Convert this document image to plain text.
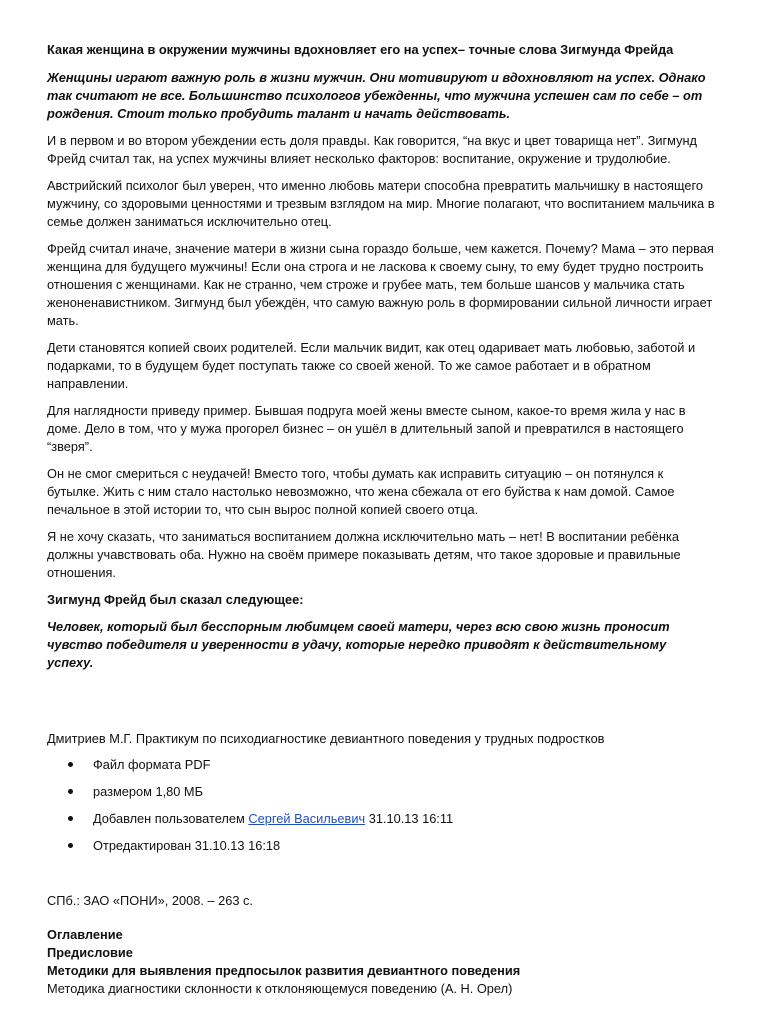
Какая женщина в окружении мужчины вдохновляет его на успех– точные слова Зигмунда Фрейда
Женщины играют важную роль в жизни мужчин. Они мотивируют и вдохновляют на успех. Однако так считают не все. Большинство психологов убежденны, что мужчина успешен сам по себе – от рождения. Стоит только пробудить талант и начать действовать.
И в первом и во втором убеждении есть доля правды. Как говорится, “на вкус и цвет товарища нет”. Зигмунд Фрейд считал так, на успех мужчины влияет несколько факторов: воспитание, окружение и трудолюбие.
Австрийский психолог был уверен, что именно любовь матери способна превратить мальчишку в настоящего мужчину, со здоровыми ценностями и трезвым взглядом на мир. Многие полагают, что воспитанием мальчика в семье должен заниматься исключительно отец.
Фрейд считал иначе, значение матери в жизни сына гораздо больше, чем кажется. Почему? Мама – это первая женщина для будущего мужчины! Если она строга и не ласкова к своему сыну, то ему будет трудно построить отношения с женщинами. Как не странно, чем строже и грубее мать, тем больше шансов у мальчика стать женоненавистником. Зигмунд был убеждён, что самую важную роль в формировании сильной личности играет мать.
Дети становятся копией своих родителей. Если мальчик видит, как отец одаривает мать любовью, заботой и подарками, то в будущем будет поступать также со своей женой. То же самое работает и в обратном направлении.
Для наглядности приведу пример. Бывшая подруга моей жены вместе сыном, какое-то время жила у нас в доме. Дело в том, что у мужа прогорел бизнес – он ушёл в длительный запой и превратился в настоящего “зверя”.
Он не смог смериться с неудачей! Вместо того, чтобы думать как исправить ситуацию – он потянулся к бутылке. Жить с ним стало настолько невозможно, что жена сбежала от его буйства к нам домой. Самое печальное в этой истории то, что сын вырос полной копией своего отца.
Я не хочу сказать, что заниматься воспитанием должна исключительно мать – нет! В воспитании ребёнка должны учавствовать оба. Нужно на своём примере показывать детям, что такое здоровые и правильные отношения.
Зигмунд Фрейд был сказал следующее:
Человек, который был бесспорным любимцем своей матери, через всю свою жизнь проносит чувство победителя и уверенности в удачу, которые нередко приводят к действительному успеху.
Дмитриев М.Г. Практикум по психодиагностике девиантного поведения у трудных подростков
Файл формата PDF
размером 1,80 МБ
Добавлен пользователем Сергей Васильевич 31.10.13 16:11
Отредактирован 31.10.13 16:18
СПб.: ЗАО «ПОНИ», 2008. – 263 с.
Оглавление
Предисловие
Методики для выявления предпосылок развития девиантного поведения
Методика диагностики склонности к отклоняющемуся поведению (А. Н. Орел)
